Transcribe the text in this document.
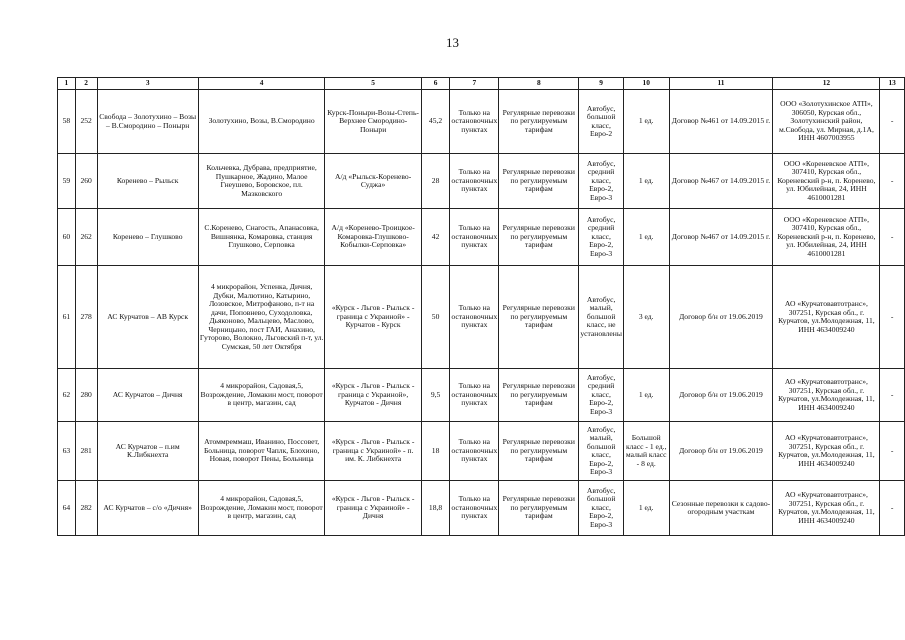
13
1	2	3	4	5	6	7	8	9	10	11	12	13
58	252	Свобода – Золотухино – Возы – В.Смородино – Понырн	Золотухино, Возы, В.Смородино	Курск-Поныри-Возы-Степь-Верхнее Смородино-Поныри	45,2	Только на остановочных пунктах	Регулярные перевозки по регулируемым тарифам	Автобус, большой класс, Евро-2	1 ед.	Договор №461 от 14.09.2015 г.	ООО «Золотухинское АТП», 306050, Курская обл., Золотухинский район, м.Свобода, ул. Мирная, д.1А, ИНН 4607003955	-
59	260	Коренево – Рыльск	Кольчевка, Дубрава, предприятие, Пушкарное, Жадино, Малое Гнеушево, Боровское, пл. Мазковского	А/д «Рыльск-Коренево-Суджа»	28	Только на остановочных пунктах	Регулярные перевозки по регулируемым тарифам	Автобус, средний класс, Евро-2, Евро-3	1 ед.	Договор №467 от 14.09.2015 г.	ООО «Кореневское АТП», 307410, Курская обл., Кореневский р-н, п. Коренево, ул. Юбилейная, 24, ИНН 4610001281	-
60	262	Коренево – Глушково	С.Коренево, Снагость, Апанасовка, Вишнянка, Комаровка, станция Глушково, Серповка	А/д «Коренево-Троицкое-Комаровка-Глушково-Кобылки-Серповка»	42	Только на остановочных пунктах	Регулярные перевозки по регулируемым тарифам	Автобус, средний класс, Евро-2, Евро-3	1 ед.	Договор №467 от 14.09.2015 г.	ООО «Кореневское АТП», 307410, Курская обл., Кореневский р-н, п. Коренево, ул. Юбилейная, 24, ИНН 4610001281	-
61	278	АС Курчатов – АВ Курск	4 микрорайон, Успенка, Дичня, Дубки, Малютино, Катырино, Лозовское, Митрофаново, п-т на дачи, Поповнево, Суходоловка, Дьяконово, Мальцево, Маслово, Черницыно, пост ГАИ, Анахино, Гуторово, Волокно, Льговский п-т, ул. Сумская, 50 лет Октября	«Курск - Льгов - Рыльск - граница с Украиной» - Курчатов - Курск	50	Только на остановочных пунктах	Регулярные перевозки по регулируемым тарифам	Автобус, малый, большой класс, не установлены	3 ед.	Договор б/н от 19.06.2019	АО «Курчатовавтотранс», 307251, Курская обл., г. Курчатов, ул.Молодежная, 11, ИНН 4634009240	-
62	280	АС Курчатов – Дичня	4 микрорайон, Садовая,5, Возрождение, Ломакин мост, поворот в центр, магазин, сад	«Курск - Льгов - Рыльск - граница с Украиной», Курчатов - Дичня	9,5	Только на остановочных пунктах	Регулярные перевозки по регулируемым тарифам	Автобус, средний класс, Евро-2, Евро-3	1 ед.	Договор б/н от 19.06.2019	АО «Курчатовавтотранс», 307251, Курская обл., г. Курчатов, ул.Молодежная, 11, ИНН 4634009240	-
63	281	АС Курчатов – п.им К.Либкнехта	Атоммреммаш, Иванино, Поссовет, Больница, поворот Чаплк, Блохино, Новая, поворот Пены, Больница	«Курск - Льгов - Рыльск - граница с Украиной» - п. им. К. Либкнехта	18	Только на остановочных пунктах	Регулярные перевозки по регулируемым тарифам	Автобус, малый, большой класс, Евро-2, Евро-3	Большой класс - 1 ед., малый класс - 8 ед.	Договор б/н от 19.06.2019	АО «Курчатовавтотранс», 307251, Курская обл., г. Курчатов, ул.Молодежная, 11, ИНН 4634009240	-
64	282	АС Курчатов – с/о «Дичня»	4 микрорайон, Садовая,5, Возрождение, Ломакин мост, поворот в центр, магазин, сад	«Курск - Льгов - Рыльск - граница с Украиной» - Дичня	18,8	Только на остановочных пунктах	Регулярные перевозки по регулируемым тарифам	Автобус, большой класс, Евро-2, Евро-3	1 ед.	Сезонные перевозки к садово-огородным участкам	АО «Курчатовавтотранс», 307251, Курская обл., г. Курчатов, ул.Молодежная, 11, ИНН 4634009240	-
